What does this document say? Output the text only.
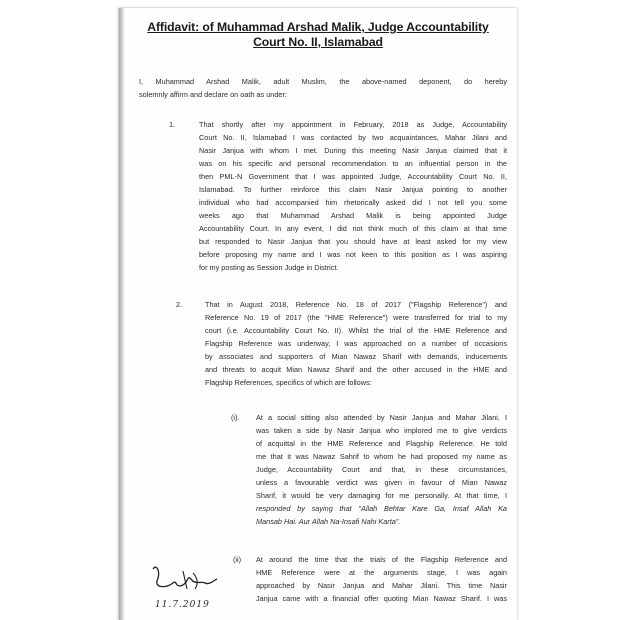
Affidavit: of Muhammad Arshad Malik, Judge Accountability
Court No. II, Islamabad
I, Muhammad Arshad Malik, adult Muslim, the above-named deponent, do hereby
solemnly affirm and declare on oath as under:
1.	That shortly after my appointment in February, 2018 as Judge, Accountability
Court No. II, Islamabad I was contacted by two acquaintances, Mahar Jilani and
Nasir Janjua with whom I met. During this meeting Nasir Janjua claimed that it
was on his specific and personal recommendation to an influential person in the
then PML-N Government that I was appointed Judge, Accountability Court No. II,
Islamabad. To further reinforce this claim Nasir Janjua pointing to another
individual who had accompanied him rhetorically asked did I not tell you some
weeks ago that Muhammad Arshad Malik is being appointed Judge
Accountability Court. In any event, I did not think much of this claim at that time
but responded to Nasir Janjua that you should have at least asked for my view
before proposing my name and I was not keen to this position as I was aspiring
for my posting as Session Judge in District.
2.	That in August 2018, Reference No. 18 of 2017 ("Flagship Reference") and
Reference No. 19 of 2017 (the "HME Reference") were transferred for trial to my
court (i.e. Accountability Court No. II). Whilst the trial of the HME Reference and
Flagship Reference was underway, I was approached on a number of occasions
by associates and supporters of Mian Nawaz Sharif with demands, inducements
and threats to acquit Mian Nawaz Sharif and the other accused in the HME and
Flagship References, specifics of which are follows:
(i). At a social sitting also attended by Nasir Janjua and Mahar Jilani, I
was taken a side by Nasir Janjua who implored me to give verdicts
of acquittal in the HME Reference and Flagship Reference. He told
me that it was Nawaz Sahrif to whom he had proposed my name as
Judge, Accountability Court and that, in these circumstances,
unless a favourable verdict was given in favour of Mian Nawaz
Sharif, it would be very damaging for me personally. At that time, I
responded by saying that "Allah Behtar Kare Ga, Insaf Allah Ka
Mansab Hai. Aur Allah Na-Insafi Nahi Karta".
(ii) At around the time that the trials of the Flagship Reference and
HME Reference were at the arguments stage, I was again
approached by Nasir Janjua and Mahar Jilani. This time Nasir
Janjua came with a financial offer quoting Mian Nawaz Sharif. I was
11.7.2019
